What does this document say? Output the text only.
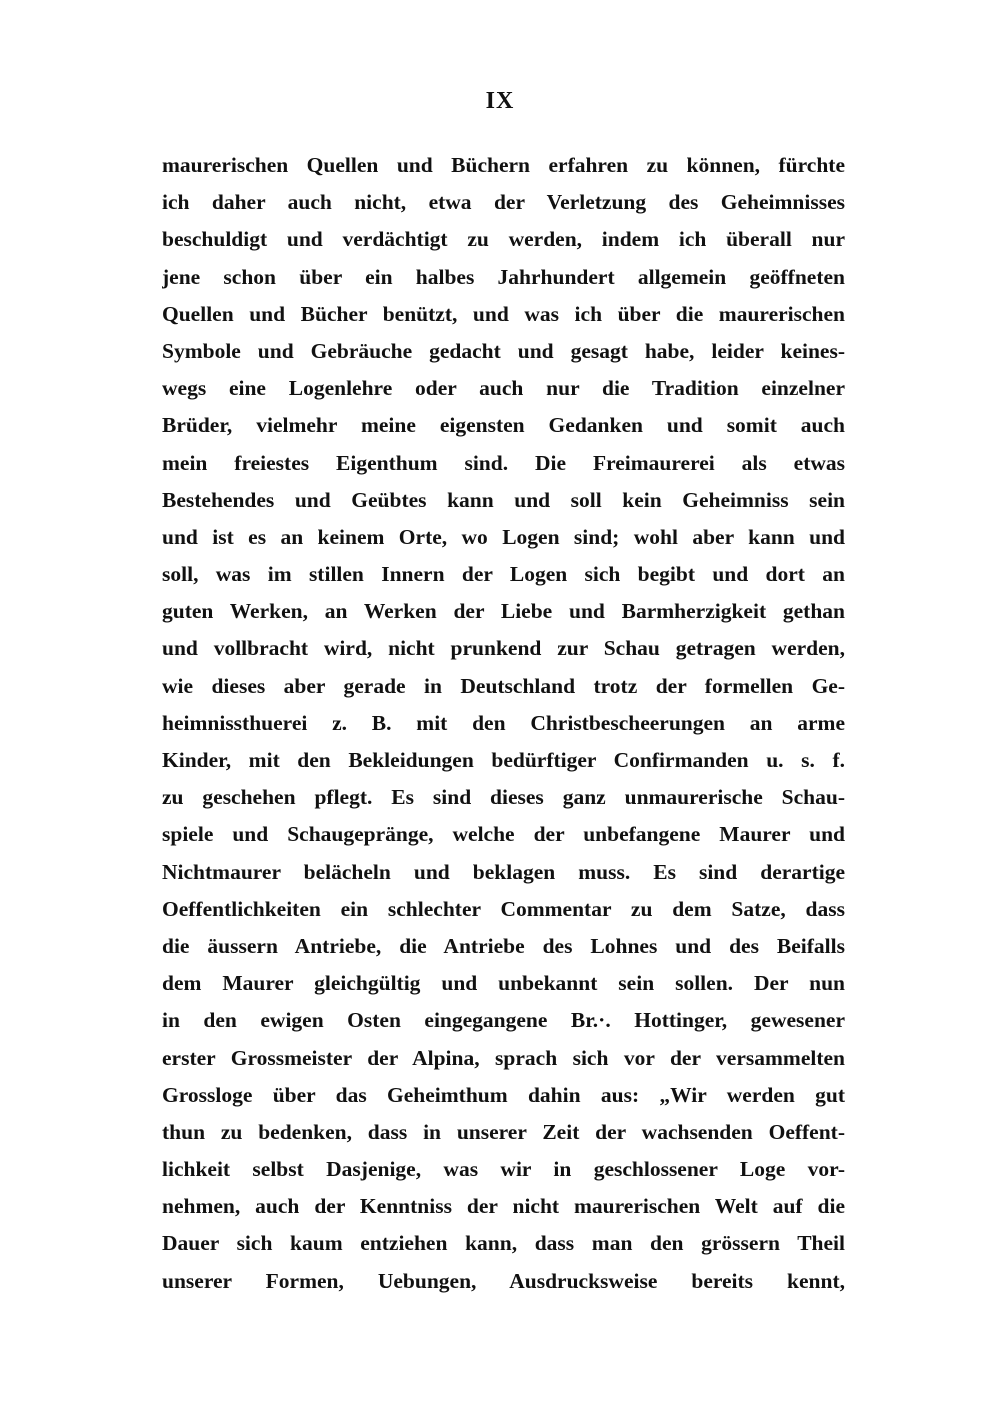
IX
maurerischen Quellen und Büchern erfahren zu können, fürchte
ich daher auch nicht, etwa der Verletzung des Geheimnisses
beschuldigt und verdächtigt zu werden, indem ich überall nur
jene schon über ein halbes Jahrhundert allgemein geöffneten
Quellen und Bücher benützt, und was ich über die maurerischen
Symbole und Gebräuche gedacht und gesagt habe, leider keines-
wegs eine Logenlehre oder auch nur die Tradition einzelner
Brüder, vielmehr meine eigensten Gedanken und somit auch
mein freiestes Eigenthum sind. Die Freimaurerei als etwas
Bestehendes und Geübtes kann und soll kein Geheimniss sein
und ist es an keinem Orte, wo Logen sind; wohl aber kann und
soll, was im stillen Innern der Logen sich begibt und dort an
guten Werken, an Werken der Liebe und Barmherzigkeit gethan
und vollbracht wird, nicht prunkend zur Schau getragen werden,
wie dieses aber gerade in Deutschland trotz der formellen Ge-
heimnissthuerei z. B. mit den Christbescheerungen an arme
Kinder, mit den Bekleidungen bedürftiger Confirmanden u. s. f.
zu geschehen pflegt. Es sind dieses ganz unmaurerische Schau-
spiele und Schaugepränge, welche der unbefangene Maurer und
Nichtmaurer belächeln und beklagen muss. Es sind derartige
Oeffentlichkeiten ein schlechter Commentar zu dem Satze, dass
die äussern Antriebe, die Antriebe des Lohnes und des Beifalls
dem Maurer gleichgültig und unbekannt sein sollen. Der nun
in den ewigen Osten eingegangene Br.·. Hottinger, gewesener
erster Grossmeister der Alpina, sprach sich vor der versammelten
Grossloge über das Geheimthum dahin aus: „Wir werden gut
thun zu bedenken, dass in unserer Zeit der wachsenden Oeffent-
lichkeit selbst Dasjenige, was wir in geschlossener Loge vor-
nehmen, auch der Kenntniss der nicht maurerischen Welt auf die
Dauer sich kaum entziehen kann, dass man den grössern Theil
unserer Formen, Uebungen, Ausdrucksweise bereits kennt,
